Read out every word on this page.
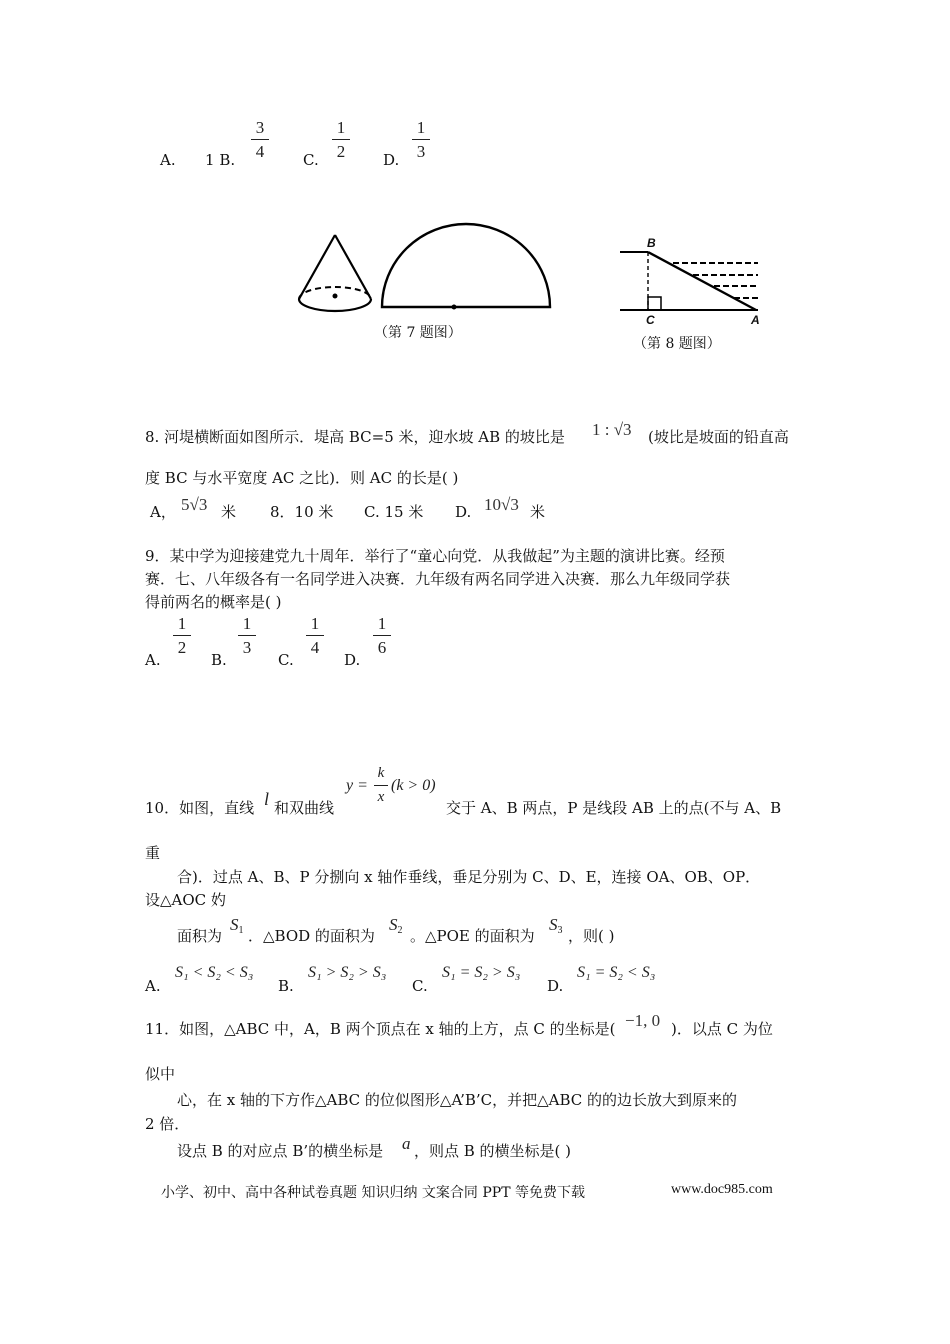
A. 1 B.
3
4	C.
1
2	D.
1
3
（第 7 题图）
B
C	A
（第 8 题图）
8. 河堤横断面如图所示．堤高 BC=5 米，迎水坡 AB 的坡比是 1 : √3 (坡比是坡面的铅直高
度 BC 与水平宽度 AC 之比)．则 AC 的长是( )
A， 5√3 米 8．10 米 C. 15 米 D. 10√3 米
9．某中学为迎接建党九十周年．举行了“童心向党．从我做起”为主题的演讲比赛。经预
赛．七、八年级各有一名同学进入决赛．九年级有两名同学进入决赛．那么九年级同学获
得前两名的概率是( )
A.
1
2
B.
1
3
C.
1
4
D.
1
6
10．如图，直线 l 和双曲线
y =
k
x
(k > 0)
交于 A、B 两点，P 是线段 AB 上的点(不与 A、B
重
合)．过点 A、B、P 分捌向 x 轴作垂线，垂足分别为 C、D、E，连接 OA、OB、OP．
设△AOC 妁
面积为
$S_1$ ．△BOD 的面积为
$S_2$ 。△POE 的面积为
$S_3$ ，则( )
A.
S₁ < S₂ < S₃
B.
S₁ > S₂ > S₃
C.
S₁ = S₂ > S₃
D.
S₁ = S₂ < S₃
11．如图，△ABC 中，A，B 两个顶点在 x 轴的上方，点 C 的坐标是( −1, 0 )．以点 C 为位
似中
心，在 x 轴的下方作△ABC 的位似图形△A’B’C，并把△ABC 的的边长放大到原来的
2 倍．
设点 B 的对应点 B’的横坐标是 a ，则点 B 的横坐标是( )
小学、初中、高中各种试卷真题 知识归纳 文案合同 PPT 等免费下载	www.doc985.com
